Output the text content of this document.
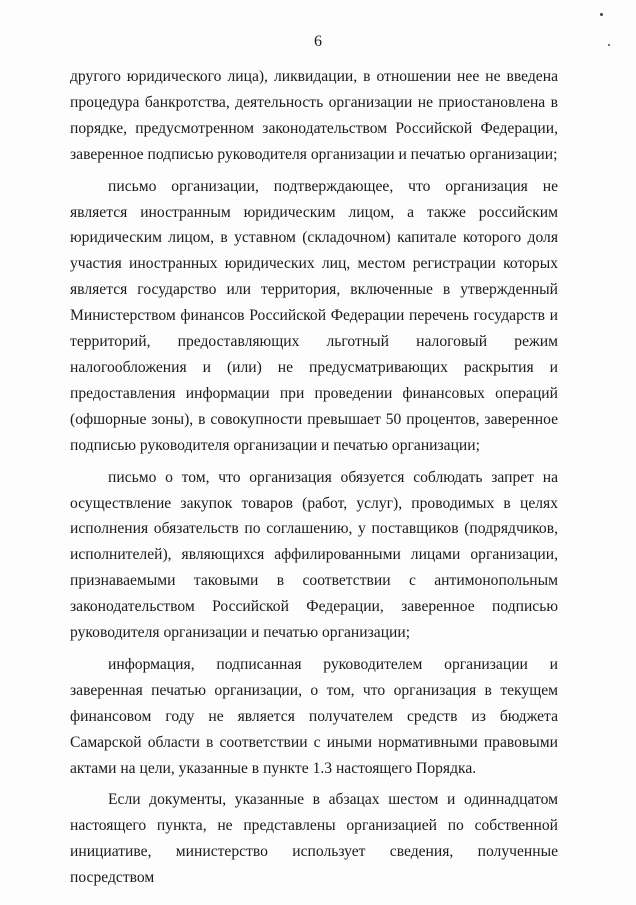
6

другого юридического лица), ликвидации, в отношении нее не введена процедура банкротства, деятельность организации не приостановлена в порядке, предусмотренном законодательством Российской Федерации, заверенное подписью руководителя организации и печатью организации;

письмо организации, подтверждающее, что организация не является иностранным юридическим лицом, а также российским юридическим лицом, в уставном (складочном) капитале которого доля участия иностранных юридических лиц, местом регистрации которых является государство или территория, включенные в утвержденный Министерством финансов Российской Федерации перечень государств и территорий, предоставляющих льготный налоговый режим налогообложения и (или) не предусматривающих раскрытия и предоставления информации при проведении финансовых операций (офшорные зоны), в совокупности превышает 50 процентов, заверенное подписью руководителя организации и печатью организации;

письмо о том, что организация обязуется соблюдать запрет на осуществление закупок товаров (работ, услуг), проводимых в целях исполнения обязательств по соглашению, у поставщиков (подрядчиков, исполнителей), являющихся аффилированными лицами организации, признаваемыми таковыми в соответствии с антимонопольным законодательством Российской Федерации, заверенное подписью руководителя организации и печатью организации;

информация, подписанная руководителем организации и заверенная печатью организации, о том, что организация в текущем финансовом году не является получателем средств из бюджета Самарской области в соответствии с иными нормативными правовыми актами на цели, указанные в пункте 1.3 настоящего Порядка.

Если документы, указанные в абзацах шестом и одиннадцатом настоящего пункта, не представлены организацией по собственной инициативе, министерство использует сведения, полученные посредством
